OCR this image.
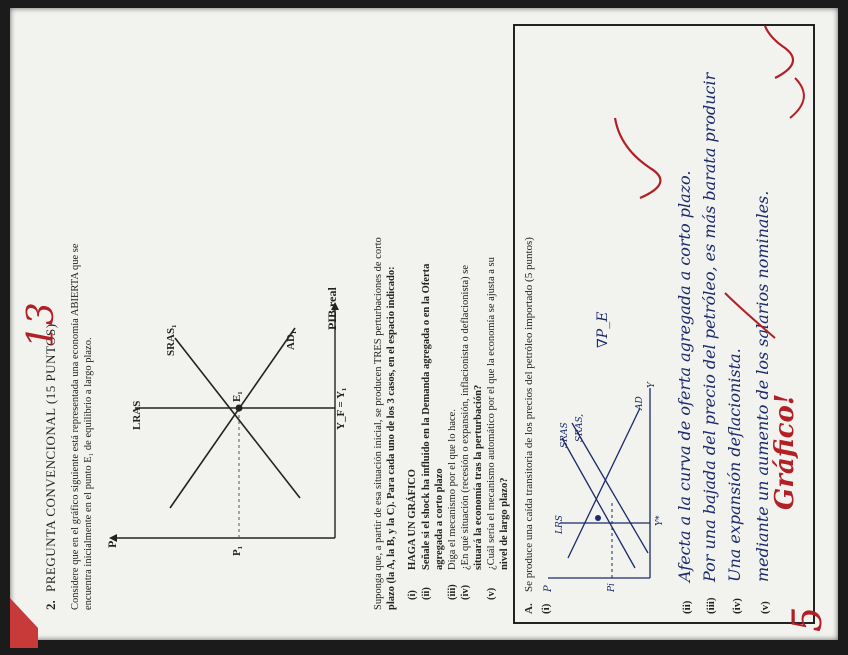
2.
PREGUNTA CONVENCIONAL (15 PUNTOS)
13 Considere que en el gráfico siguiente está representada una economía ABIERTA que se encuentra inicialmente en el punto E₁ de equilibrio a largo plazo. P
PIB real
LRAS
SRAS₁	AD₁
E₁
P₁
Y_F = Y₁ Suponga que, a partir de esa situación inicial, se producen TRES perturbaciones de corto plazo (la A, la B, y la C). Para cada uno de los 3 casos, en el espacio indicado: (i)
HAGA UN GRÁFICO
(ii)
Señale si el shock ha influido en la Demanda agregada o en la Oferta agregada a corto plazo
(iii)
Diga el mecanismo por el que lo hace.
(iv)
¿En qué situación (recesión o expansión, inflacionista o deflacionista) se situará la economía tras la perturbación?
(v)
¿Cuál sería el mecanismo automático por el que la economía se ajusta a su nivel de largo plazo?
A.
Se produce una caída transitoria de los precios del petróleo importado (5 puntos)
(i)
P
LRS
SRAS SRAS,
AD
Y
Y*
Pi
∇P_E
(ii)
Afecta a la curva de oferta agregada a corto plazo.
(iii)
Por una bajada del precio del petróleo, es más barata producir
(iv)
Una expansión deflacionista.
(v)
mediante un aumento de los salarios nominales.
Gráfico!
5
